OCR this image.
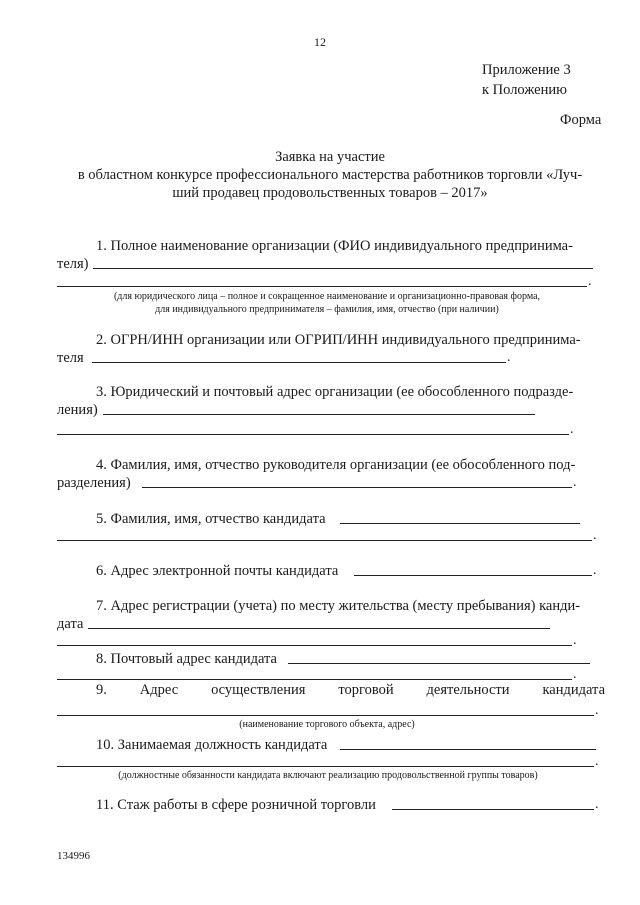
12
Приложение 3
к Положению
Форма
Заявка на участие
в областном конкурсе профессионального мастерства работников торговли «Луч-
ший продавец продовольственных товаров – 2017»
1. Полное наименование организации (ФИО индивидуального предпринима-
теля)
.
(для юридического лица – полное и сокращенное наименование и организационно-правовая форма,
для индивидуального предпринимателя – фамилия, имя, отчество (при наличии)
2. ОГРН/ИНН организации или ОГРИП/ИНН индивидуального предпринима-
теля	.
3. Юридический и почтовый адрес организации (ее обособленного подразде-
ления)
.
4. Фамилия, имя, отчество руководителя организации (ее обособленного под-
разделения)	.
5. Фамилия, имя, отчество кандидата
.
6. Адрес электронной почты кандидата	.
7. Адрес регистрации (учета) по месту жительства (месту пребывания) канди-
дата
.
8. Почтовый адрес кандидата
.
9. Адрес осуществления торговой деятельности кандидата
.
(наименование торгового объекта, адрес)
10. Занимаемая должность кандидата
.
(должностные обязанности кандидата включают реализацию продовольственной группы товаров)
11. Стаж работы в сфере розничной торговли	.
134996
